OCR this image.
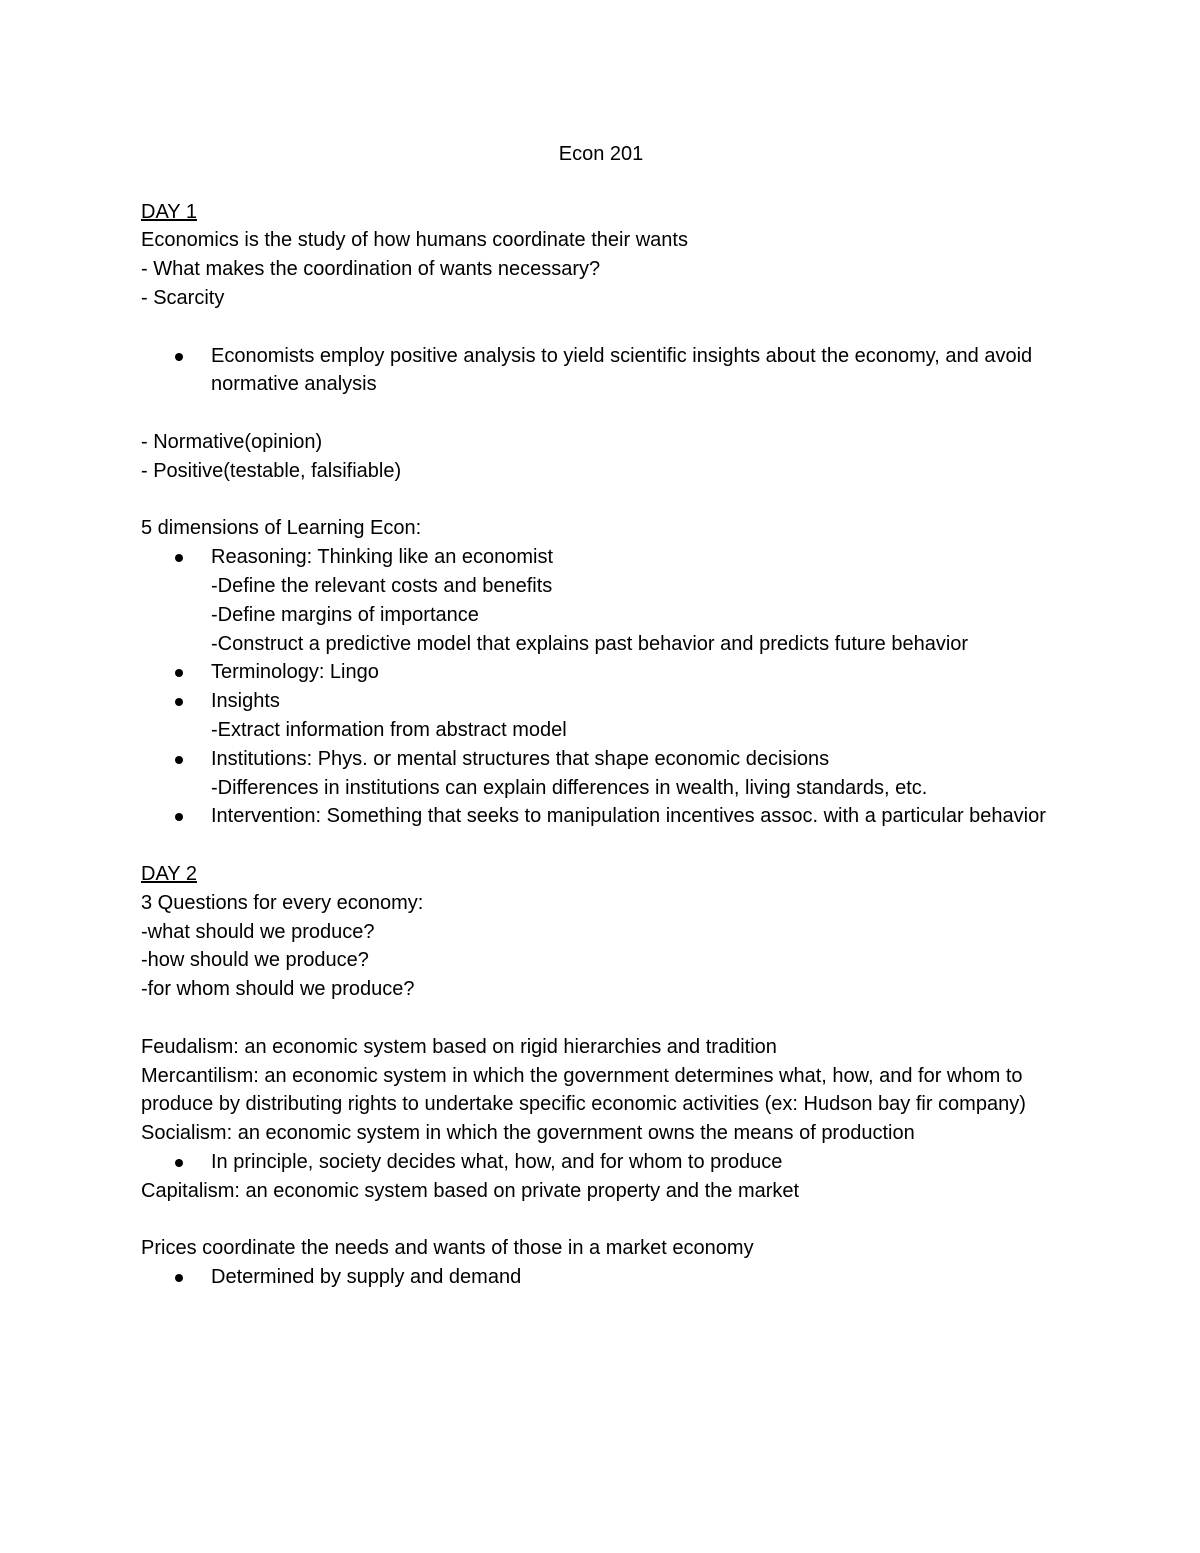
Econ 201

DAY 1

Economics is the study of how humans coordinate their wants

- What makes the coordination of wants necessary?

- Scarcity

Economists employ positive analysis to yield scientific insights about the economy, and avoid normative analysis

- Normative(opinion)

- Positive(testable, falsifiable)

5 dimensions of Learning Econ:

Reasoning: Thinking like an economist

-Define the relevant costs and benefits

-Define margins of importance

-Construct a predictive model that explains past behavior and predicts future behavior

Terminology: Lingo
Insights

-Extract information from abstract model

Institutions: Phys. or mental structures that shape economic decisions

-Differences in institutions can explain differences in wealth, living standards, etc.

Intervention: Something that seeks to manipulation incentives assoc. with a particular behavior

DAY 2

3 Questions for every economy:

-what should we produce?

-how should we produce?

-for whom should we produce?

Feudalism: an economic system based on rigid hierarchies and tradition

Mercantilism: an economic system in which the government determines what, how, and for whom to produce by distributing rights to undertake specific economic activities (ex: Hudson bay fir company)

Socialism: an economic system in which the government owns the means of production

In principle, society decides what, how, and for whom to produce

Capitalism: an economic system based on private property and the market

Prices coordinate the needs and wants of those in a market economy

Determined by supply and demand
